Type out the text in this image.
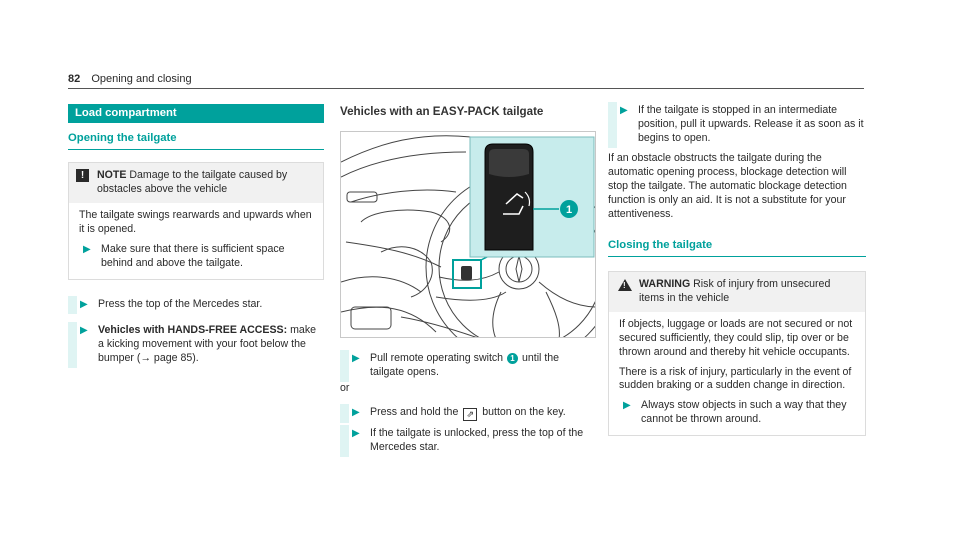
82 Opening and closing
Load compartment
Opening the tailgate
!	NOTE Damage to the tailgate caused by obstacles above the vehicle

The tailgate swings rearwards and upwards when it is opened.

▶ Make sure that there is sufficient space behind and above the tailgate.
▶ Press the top of the Mercedes star.
▶ Vehicles with HANDS-FREE ACCESS: make a kicking movement with your foot below the bumper (→ page 85).
Vehicles with an EASY-PACK tailgate
1
▶ Pull remote operating switch 1 until the tailgate opens.

or

▶ Press and hold the ⇗ button on the key.
▶ If the tailgate is unlocked, press the top of the Mercedes star.
▶ If the tailgate is stopped in an intermediate position, pull it upwards. Release it as soon as it begins to open.

If an obstacle obstructs the tailgate during the automatic opening process, blockage detection will stop the tailgate. The automatic blockage detection function is only an aid. It is not a substitute for your attentiveness.

Closing the tailgate
! WARNING Risk of injury from unsecured items in the vehicle

If objects, luggage or loads are not secured or not secured sufficiently, they could slip, tip over or be thrown around and thereby hit vehicle occupants.

There is a risk of injury, particularly in the event of sudden braking or a sudden change in direction.

▶ Always stow objects in such a way that they cannot be thrown around.
